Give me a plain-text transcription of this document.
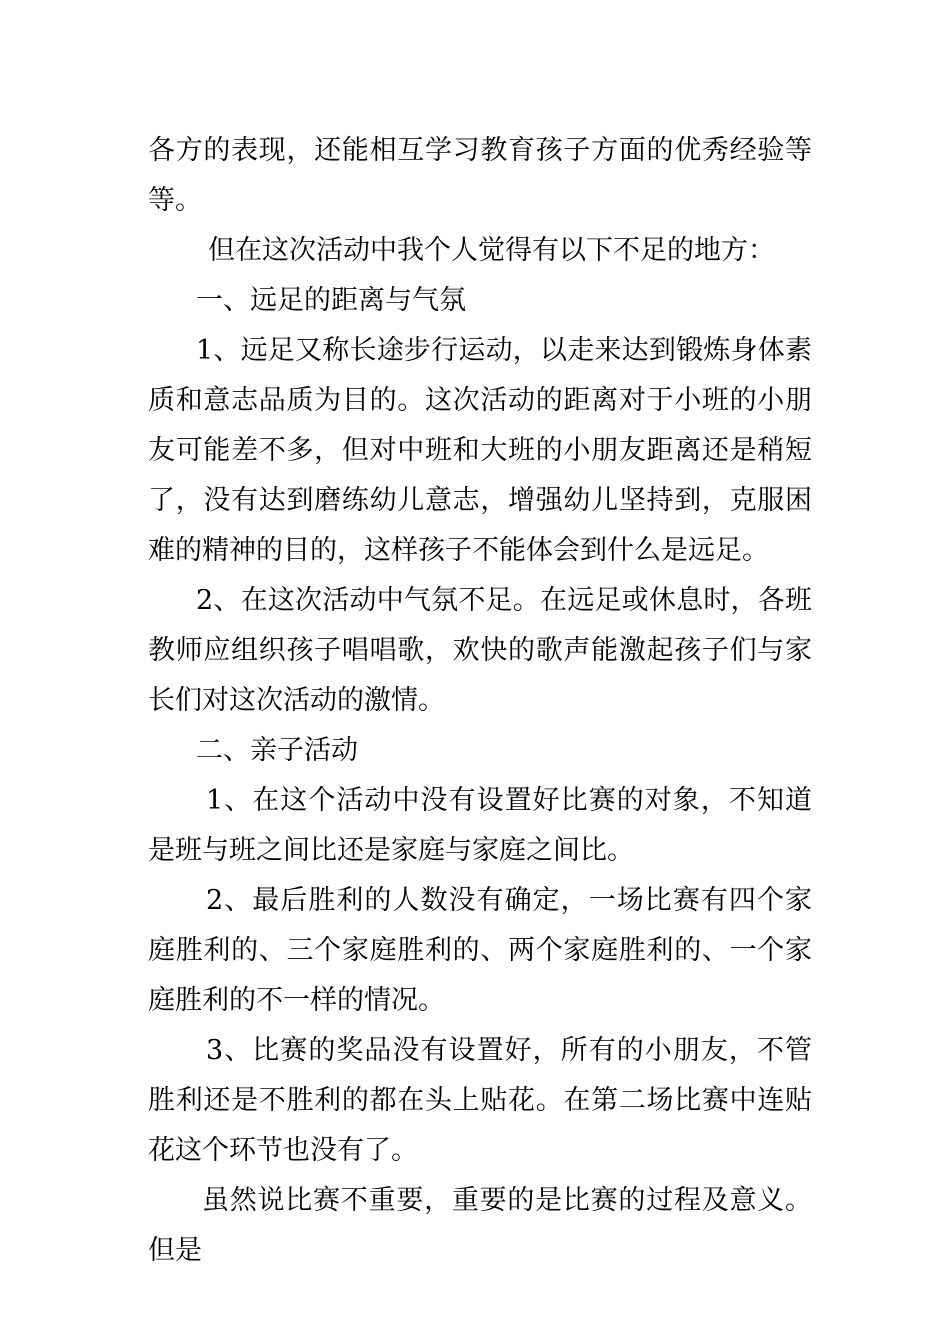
各方的表现，还能相互学习教育孩子方面的优秀经验等等。

但在这次活动中我个人觉得有以下不足的地方：

一、远足的距离与气氛

1、远足又称长途步行运动，以走来达到锻炼身体素质和意志品质为目的。这次活动的距离对于小班的小朋友可能差不多，但对中班和大班的小朋友距离还是稍短了，没有达到磨练幼儿意志，增强幼儿坚持到，克服困难的精神的目的，这样孩子不能体会到什么是远足。

2、在这次活动中气氛不足。在远足或休息时，各班教师应组织孩子唱唱歌，欢快的歌声能激起孩子们与家长们对这次活动的激情。

二、亲子活动

1、在这个活动中没有设置好比赛的对象，不知道是班与班之间比还是家庭与家庭之间比。

2、最后胜利的人数没有确定，一场比赛有四个家庭胜利的、三个家庭胜利的、两个家庭胜利的、一个家庭胜利的不一样的情况。

3、比赛的奖品没有设置好，所有的小朋友，不管胜利还是不胜利的都在头上贴花。在第二场比赛中连贴花这个环节也没有了。

虽然说比赛不重要，重要的是比赛的过程及意义。但是
